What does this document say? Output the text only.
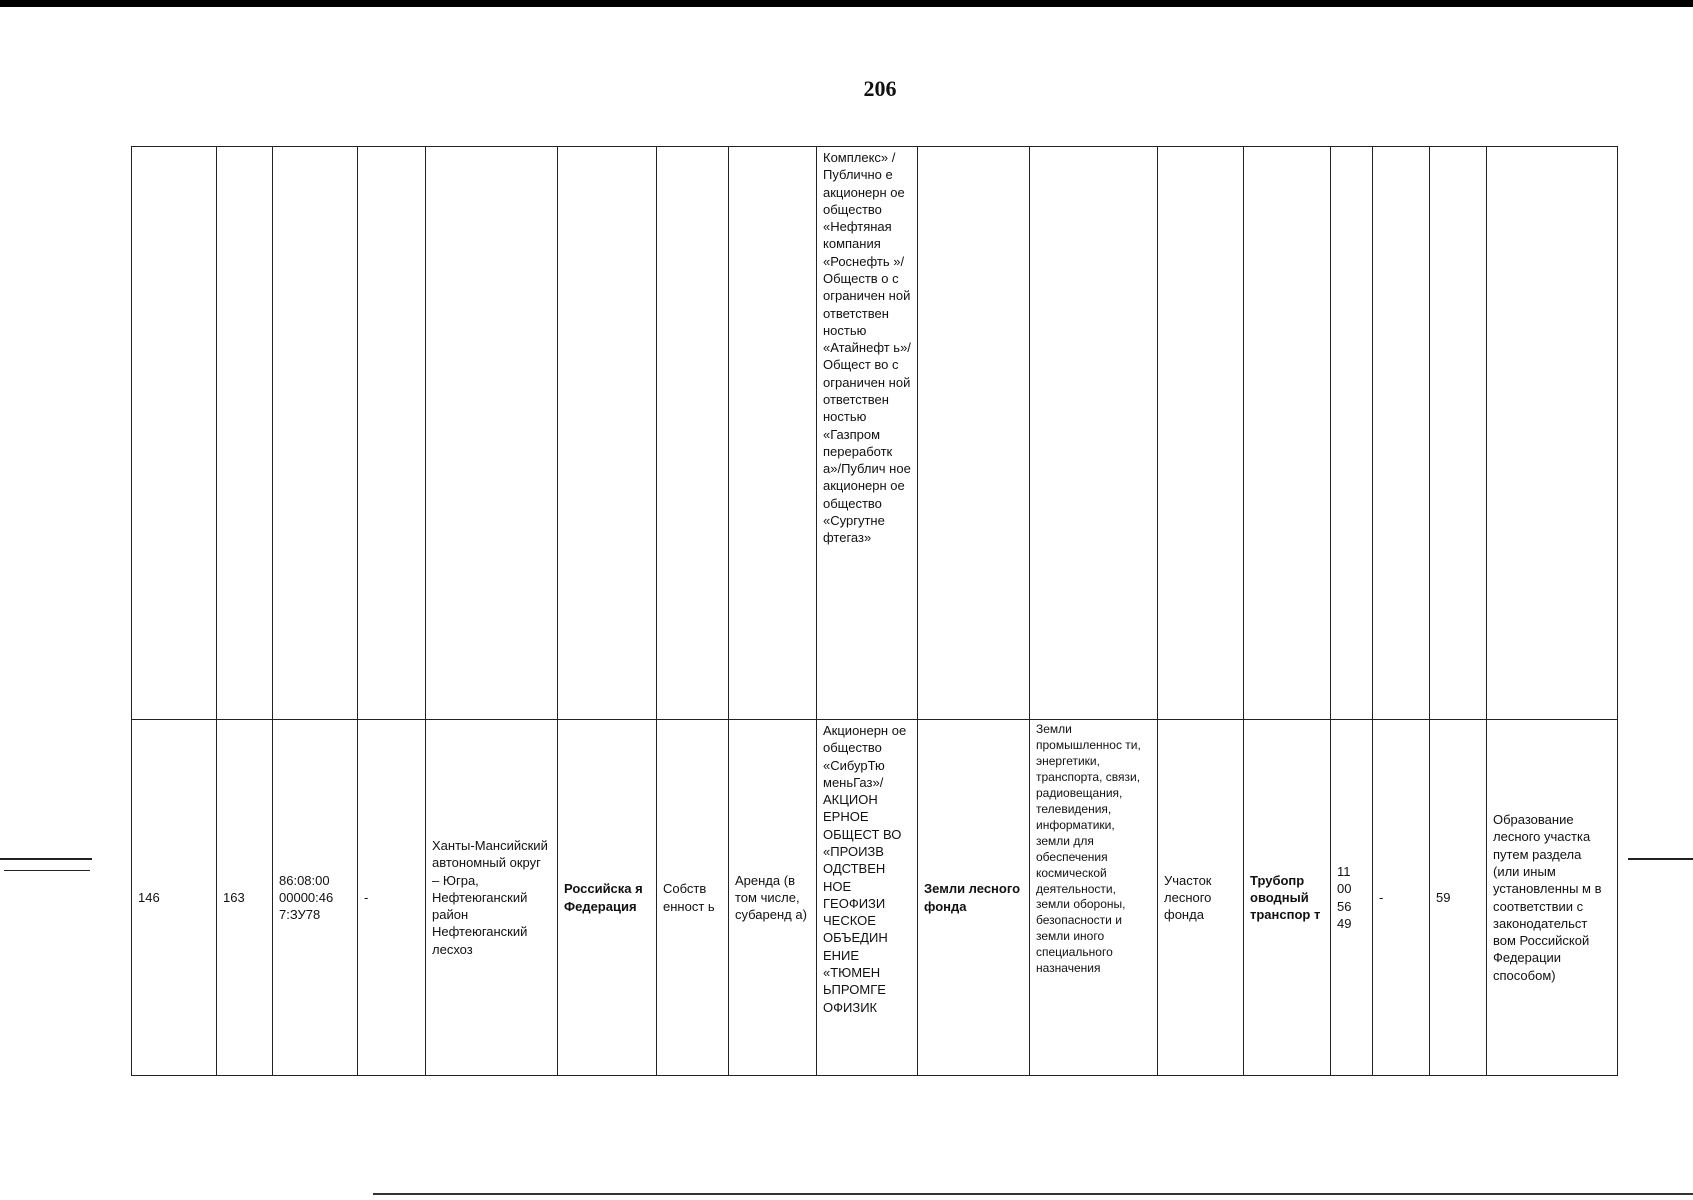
206
								Комплекс» /Публично е акционерн ое общество «Нефтяная компания «Роснефть »/Обществ о с ограничен ной ответствен ностью «Атайнефт ь»/Общест во с ограничен ной ответствен ностью «Газпром переработк а»/Публич ное акционерн ое общество «Сургутне фтегаз»								
146	163	86:08:00 00000:46 7:ЗУ78	-	Ханты-Мансийский автономный округ – Югра, Нефтеюганский район Нефтеюганский лесхоз	Российска я Федерация	Собств енност ь	Аренда (в том числе, субаренд а)	Акционерн ое общество «СибурТю меньГаз»/ АКЦИОН ЕРНОЕ ОБЩЕСТ ВО «ПРОИЗВ ОДСТВЕН НОЕ ГЕОФИЗИ ЧЕСКОЕ ОБЪЕДИН ЕНИЕ «ТЮМЕН ЬПРОМГЕ ОФИЗИК	Земли лесного фонда	Земли промышленнос ти, энергетики, транспорта, связи, радиовещания, телевидения, информатики, земли для обеспечения космической деятельности, земли обороны, безопасности и земли иного специального назначения	Участок лесного фонда	Трубопр оводный транспор т	11 00 56 49	-	59	Образование лесного участка путем раздела (или иным установленны м в соответствии с законодательст вом Российской Федерации способом)
